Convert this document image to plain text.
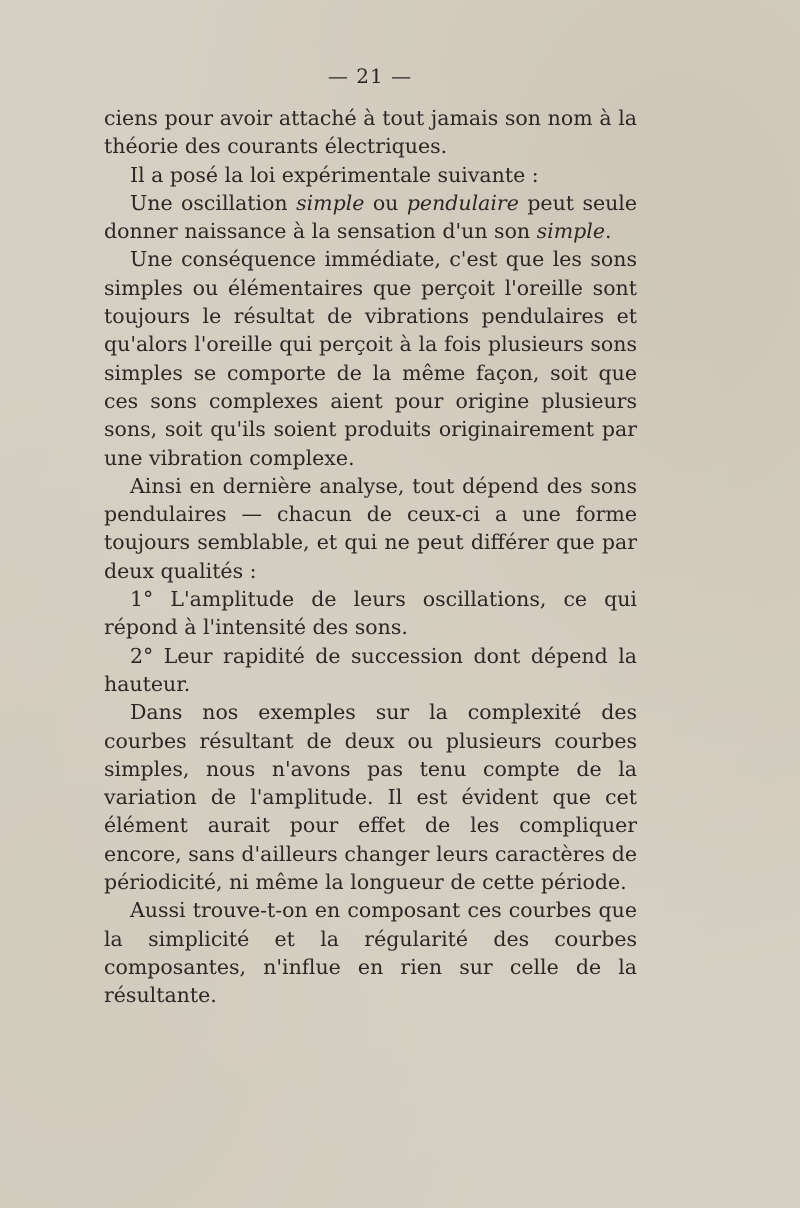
— 21 —

ciens pour avoir attaché à tout jamais son nom à la théorie des courants électriques.

Il a posé la loi expérimentale suivante :

Une oscillation simple ou pendulaire peut seule donner naissance à la sensation d'un son simple.

Une conséquence immédiate, c'est que les sons simples ou élémentaires que perçoit l'oreille sont toujours le résultat de vibrations pendulaires et qu'alors l'oreille qui perçoit à la fois plusieurs sons simples se comporte de la même façon, soit que ces sons complexes aient pour origine plusieurs sons, soit qu'ils soient produits originairement par une vibration complexe.

Ainsi en dernière analyse, tout dépend des sons pendulaires — chacun de ceux-ci a une forme toujours semblable, et qui ne peut différer que par deux qualités :

1° L'amplitude de leurs oscillations, ce qui répond à l'intensité des sons.

2° Leur rapidité de succession dont dépend la hauteur.

Dans nos exemples sur la complexité des courbes résultant de deux ou plusieurs courbes simples, nous n'avons pas tenu compte de la variation de l'amplitude. Il est évident que cet élément aurait pour effet de les compliquer encore, sans d'ailleurs changer leurs caractères de périodicité, ni même la longueur de cette période.

Aussi trouve-t-on en composant ces courbes que la simplicité et la régularité des courbes composantes, n'influe en rien sur celle de la résultante.
